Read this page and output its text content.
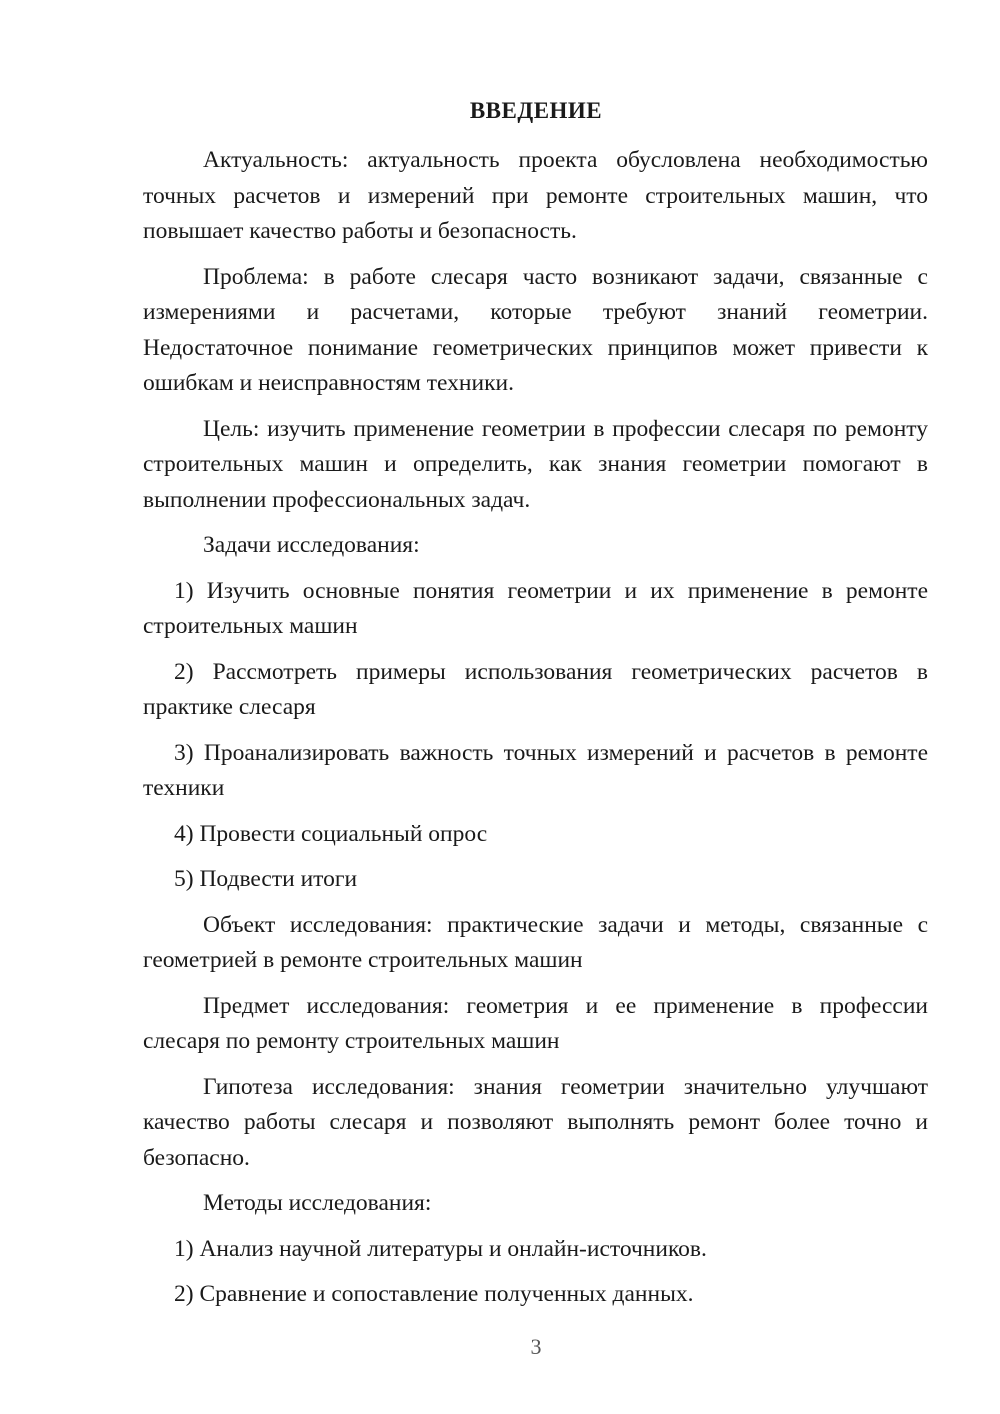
ВВЕДЕНИЕ

Актуальность: актуальность проекта обусловлена необходимостью точных расчетов и измерений при ремонте строительных машин, что повышает качество работы и безопасность.

Проблема: в работе слесаря часто возникают задачи, связанные с измерениями и расчетами, которые требуют знаний геометрии. Недостаточное понимание геометрических принципов может привести к ошибкам и неисправностям техники.

Цель: изучить применение геометрии в профессии слесаря по ремонту строительных машин и определить, как знания геометрии помогают в выполнении профессиональных задач.

Задачи исследования:

1) Изучить основные понятия геометрии и их применение в ремонте строительных машин

2) Рассмотреть примеры использования геометрических расчетов в практике слесаря

3) Проанализировать важность точных измерений и расчетов в ремонте техники

4) Провести социальный опрос

5) Подвести итоги

Объект исследования: практические задачи и методы, связанные с геометрией в ремонте строительных машин

Предмет исследования: геометрия и ее применение в профессии слесаря по ремонту строительных машин

Гипотеза исследования: знания геометрии значительно улучшают качество работы слесаря и позволяют выполнять ремонт более точно и безопасно.

Методы исследования:

1) Анализ научной литературы и онлайн-источников.

2) Сравнение и сопоставление полученных данных.

3
